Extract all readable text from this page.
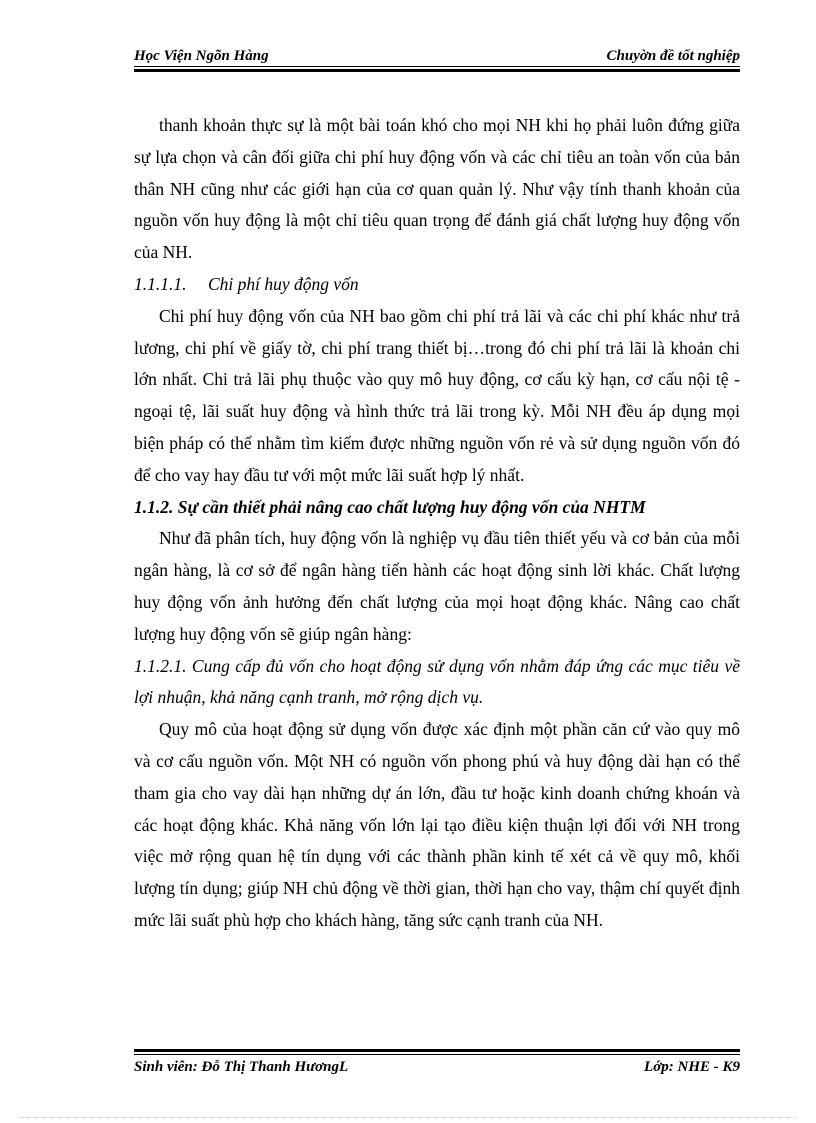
Học Viện Ngõn Hàng	Chuyờn đề tốt nghiệp

thanh khoản thực sự là một bài toán khó cho mọi NH khi họ phải luôn đứng giữa sự lựa chọn và cân đối giữa chi phí huy động vốn và các chỉ tiêu an toàn vốn của bản thân NH cũng như các giới hạn của cơ quan quản lý. Như vậy tính thanh khoản của nguồn vốn huy động là một chỉ tiêu quan trọng để đánh giá chất lượng huy động vốn của NH.

1.1.1.1. Chi phí huy động vốn

Chi phí huy động vốn của NH bao gồm chi phí trả lãi và các chi phí khác như trả lương, chi phí về giấy tờ, chi phí trang thiết bị…trong đó chi phí trả lãi là khoản chi lớn nhất. Chi trả lãi phụ thuộc vào quy mô huy động, cơ cấu kỳ hạn, cơ cấu nội tệ - ngoại tệ, lãi suất huy động và hình thức trả lãi trong kỳ. Mỗi NH đều áp dụng mọi biện pháp có thể nhằm tìm kiếm được những nguồn vốn rẻ và sử dụng nguồn vốn đó để cho vay hay đầu tư với một mức lãi suất hợp lý nhất.

1.1.2. Sự cần thiết phải nâng cao chất lượng huy động vốn của NHTM

Như đã phân tích, huy động vốn là nghiệp vụ đầu tiên thiết yếu và cơ bản của mỗi ngân hàng, là cơ sở để ngân hàng tiến hành các hoạt động sinh lời khác. Chất lượng huy động vốn ảnh hưởng đến chất lượng của mọi hoạt động khác. Nâng cao chất lượng huy động vốn sẽ giúp ngân hàng:

1.1.2.1. Cung cấp đủ vốn cho hoạt động sử dụng vốn nhằm đáp ứng các mục tiêu về lợi nhuận, khả năng cạnh tranh, mở rộng dịch vụ.

Quy mô của hoạt động sử dụng vốn được xác định một phần căn cứ vào quy mô và cơ cấu nguồn vốn. Một NH có nguồn vốn phong phú và huy động dài hạn có thể tham gia cho vay dài hạn những dự án lớn, đầu tư hoặc kinh doanh chứng khoán và các hoạt động khác. Khả năng vốn lớn lại tạo điều kiện thuận lợi đối với NH trong việc mở rộng quan hệ tín dụng với các thành phần kinh tế xét cả về quy mô, khối lượng tín dụng; giúp NH chủ động về thời gian, thời hạn cho vay, thậm chí quyết định mức lãi suất phù hợp cho khách hàng, tăng sức cạnh tranh của NH.

Sinh viên: Đỗ Thị Thanh HươngL	Lớp: NHE - K9
